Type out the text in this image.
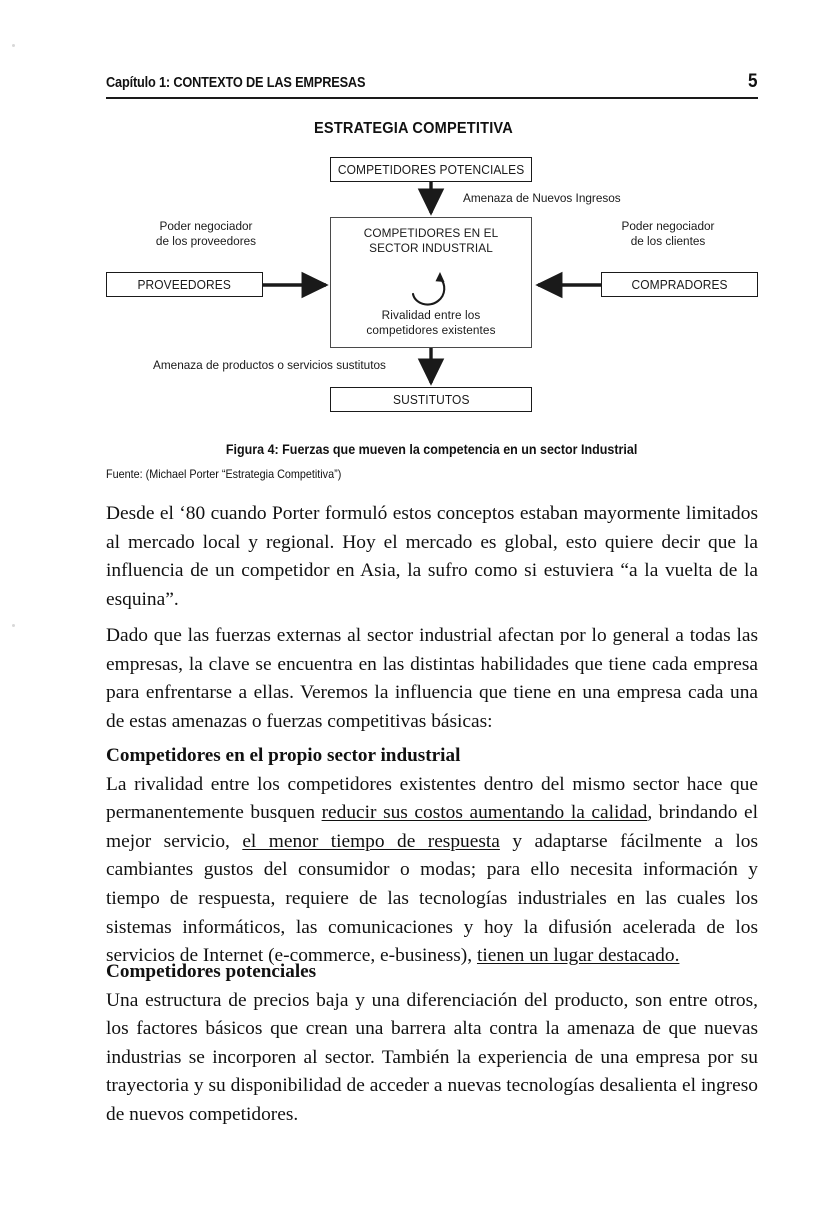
Capítulo 1: CONTEXTO DE LAS EMPRESAS	5
ESTRATEGIA COMPETITIVA
COMPETIDORES POTENCIALES
COMPETIDORES EN EL
SECTOR INDUSTRIAL
Rivalidad entre los
competidores existentes
PROVEEDORES	COMPRADORES
SUSTITUTOS
Amenaza de Nuevos Ingresos
Amenaza de productos o servicios sustitutos
Poder negociador
de los proveedores
Poder negociador
de los clientes
Figura 4: Fuerzas que mueven la competencia en un sector Industrial
Fuente: (Michael Porter “Estrategia Competitiva”)

Desde el ‘80 cuando Porter formuló estos conceptos estaban mayormente limitados al mercado local y regional. Hoy el mercado es global, esto quiere decir que la influencia de un competidor en Asia, la sufro como si estuviera “a la vuelta de la esquina”.

Dado que las fuerzas externas al sector industrial afectan por lo general a todas las empresas, la clave se encuentra en las distintas habilidades que tiene cada empresa para enfrentarse a ellas. Veremos la influencia que tiene en una empresa cada una de estas amenazas o fuerzas competitivas básicas:

Competidores en el propio sector industrial

La rivalidad entre los competidores existentes dentro del mismo sector hace que permanentemente busquen reducir sus costos aumentando la calidad, brindando el mejor servicio, el menor tiempo de respuesta y adaptarse fácilmente a los cambiantes gustos del consumidor o modas; para ello necesita información y tiempo de respuesta, requiere de las tecnologías industriales en las cuales los sistemas informáticos, las comunicaciones y hoy la difusión acelerada de los servicios de Internet (e-commerce, e-business), tienen un lugar destacado.

Competidores potenciales

Una estructura de precios baja y una diferenciación del producto, son entre otros, los factores básicos que crean una barrera alta contra la amenaza de que nuevas industrias se incorporen al sector. También la experiencia de una empresa por su trayectoria y su disponibilidad de acceder a nuevas tecnologías desalienta el ingreso de nuevos competidores.
